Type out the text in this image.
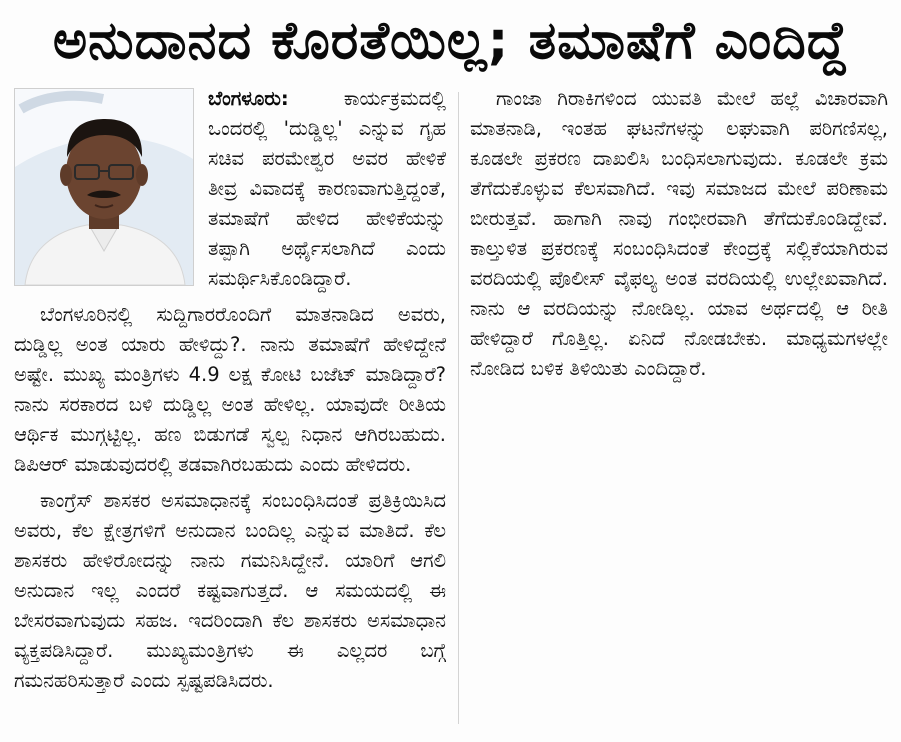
ಅನುದಾನದ ಕೊರತೆಯಿಲ್ಲ; ತಮಾಷೆಗೆ ಎಂದಿದ್ದೆ

ಬೆಂಗಳೂರು:	ಕಾರ್ಯಕ್ರಮದಲ್ಲಿ ಒಂದರಲ್ಲಿ 'ದುಡ್ಡಿಲ್ಲ' ಎನ್ನುವ ಗೃಹ ಸಚಿವ ಪರಮೇಶ್ವರ ಅವರ ಹೇಳಿಕೆ ತೀವ್ರ ವಿವಾದಕ್ಕೆ ಕಾರಣವಾಗುತ್ತಿದ್ದಂತೆ, ತಮಾಷೆಗೆ ಹೇಳಿದ ಹೇಳಿಕೆಯನ್ನು ತಪ್ಪಾಗಿ ಅರ್ಥೈಸಲಾಗಿದೆ ಎಂದು ಸಮರ್ಥಿಸಿಕೊಂಡಿದ್ದಾರೆ.

ಬೆಂಗಳೂರಿನಲ್ಲಿ ಸುದ್ದಿಗಾರರೊಂದಿಗೆ ಮಾತನಾಡಿದ ಅವರು, ದುಡ್ಡಿಲ್ಲ ಅಂತ ಯಾರು ಹೇಳಿದ್ದು?. ನಾನು ತಮಾಷೆಗೆ ಹೇಳಿದ್ದೇನೆ ಅಷ್ಟೇ. ಮುಖ್ಯ ಮಂತ್ರಿಗಳು 4.9 ಲಕ್ಷ ಕೋಟಿ ಬಜೆಟ್ ಮಾಡಿದ್ದಾರೆ? ನಾನು ಸರಕಾರದ ಬಳಿ ದುಡ್ಡಿಲ್ಲ ಅಂತ ಹೇಳಿಲ್ಲ. ಯಾವುದೇ ರೀತಿಯ ಆರ್ಥಿಕ ಮುಗ್ಗಟ್ಟಿಲ್ಲ. ಹಣ ಬಿಡುಗಡೆ ಸ್ವಲ್ಪ ನಿಧಾನ ಆಗಿರಬಹುದು. ಡಿಪಿಆರ್ ಮಾಡುವುದರಲ್ಲಿ ತಡವಾಗಿರಬಹುದು ಎಂದು ಹೇಳಿದರು.

ಕಾಂಗ್ರೆಸ್ ಶಾಸಕರ ಅಸಮಾಧಾನಕ್ಕೆ ಸಂಬಂಧಿಸಿದಂತೆ ಪ್ರತಿಕ್ರಿಯಿಸಿದ ಅವರು, ಕೆಲ ಕ್ಷೇತ್ರಗಳಿಗೆ ಅನುದಾನ ಬಂದಿಲ್ಲ ಎನ್ನುವ ಮಾತಿದೆ. ಕೆಲ ಶಾಸಕರು ಹೇಳಿರೋದನ್ನು ನಾನು ಗಮನಿಸಿದ್ದೇನೆ. ಯಾರಿಗೆ ಆಗಲಿ ಅನುದಾನ ಇಲ್ಲ ಎಂದರೆ ಕಷ್ಟವಾಗುತ್ತದೆ. ಆ ಸಮಯದಲ್ಲಿ ಈ ಬೇಸರವಾಗುವುದು ಸಹಜ. ಇದರಿಂದಾಗಿ ಕೆಲ ಶಾಸಕರು ಅಸಮಾಧಾನ ವ್ಯಕ್ತಪಡಿಸಿದ್ದಾರೆ. ಮುಖ್ಯಮಂತ್ರಿಗಳು ಈ ಎಲ್ಲದರ ಬಗ್ಗೆ ಗಮನಹರಿಸುತ್ತಾರೆ ಎಂದು ಸ್ಪಷ್ಟಪಡಿಸಿದರು.

ಗಾಂಜಾ ಗಿರಾಕಿಗಳಿಂದ ಯುವತಿ ಮೇಲೆ ಹಲ್ಲೆ ವಿಚಾರವಾಗಿ ಮಾತನಾಡಿ, ಇಂತಹ ಘಟನೆಗಳನ್ನು ಲಘುವಾಗಿ ಪರಿಗಣಿಸಲ್ಲ, ಕೂಡಲೇ ಪ್ರಕರಣ ದಾಖಲಿಸಿ ಬಂಧಿಸಲಾಗುವುದು. ಕೂಡಲೇ ಕ್ರಮ ತೆಗೆದುಕೊಳ್ಳುವ ಕೆಲಸವಾಗಿದೆ. ಇವು ಸಮಾಜದ ಮೇಲೆ ಪರಿಣಾಮ ಬೀರುತ್ತವೆ. ಹಾಗಾಗಿ ನಾವು ಗಂಭೀರವಾಗಿ ತೆಗೆದುಕೊಂಡಿದ್ದೇವೆ. ಕಾಲ್ತುಳಿತ ಪ್ರಕರಣಕ್ಕೆ ಸಂಬಂಧಿಸಿದಂತೆ ಕೇಂದ್ರಕ್ಕೆ ಸಲ್ಲಿಕೆಯಾಗಿರುವ ವರದಿಯಲ್ಲಿ ಪೊಲೀಸ್ ವೈಫಲ್ಯ ಅಂತ ವರದಿಯಲ್ಲಿ ಉಲ್ಲೇಖವಾಗಿದೆ. ನಾನು ಆ ವರದಿಯನ್ನು ನೋಡಿಲ್ಲ. ಯಾವ ಅರ್ಥದಲ್ಲಿ ಆ ರೀತಿ ಹೇಳಿದ್ದಾರೆ ಗೊತ್ತಿಲ್ಲ. ಏನಿದೆ ನೋಡಬೇಕು. ಮಾಧ್ಯಮಗಳಲ್ಲೇ ನೋಡಿದ ಬಳಿಕ ತಿಳಿಯಿತು ಎಂದಿದ್ದಾರೆ.
